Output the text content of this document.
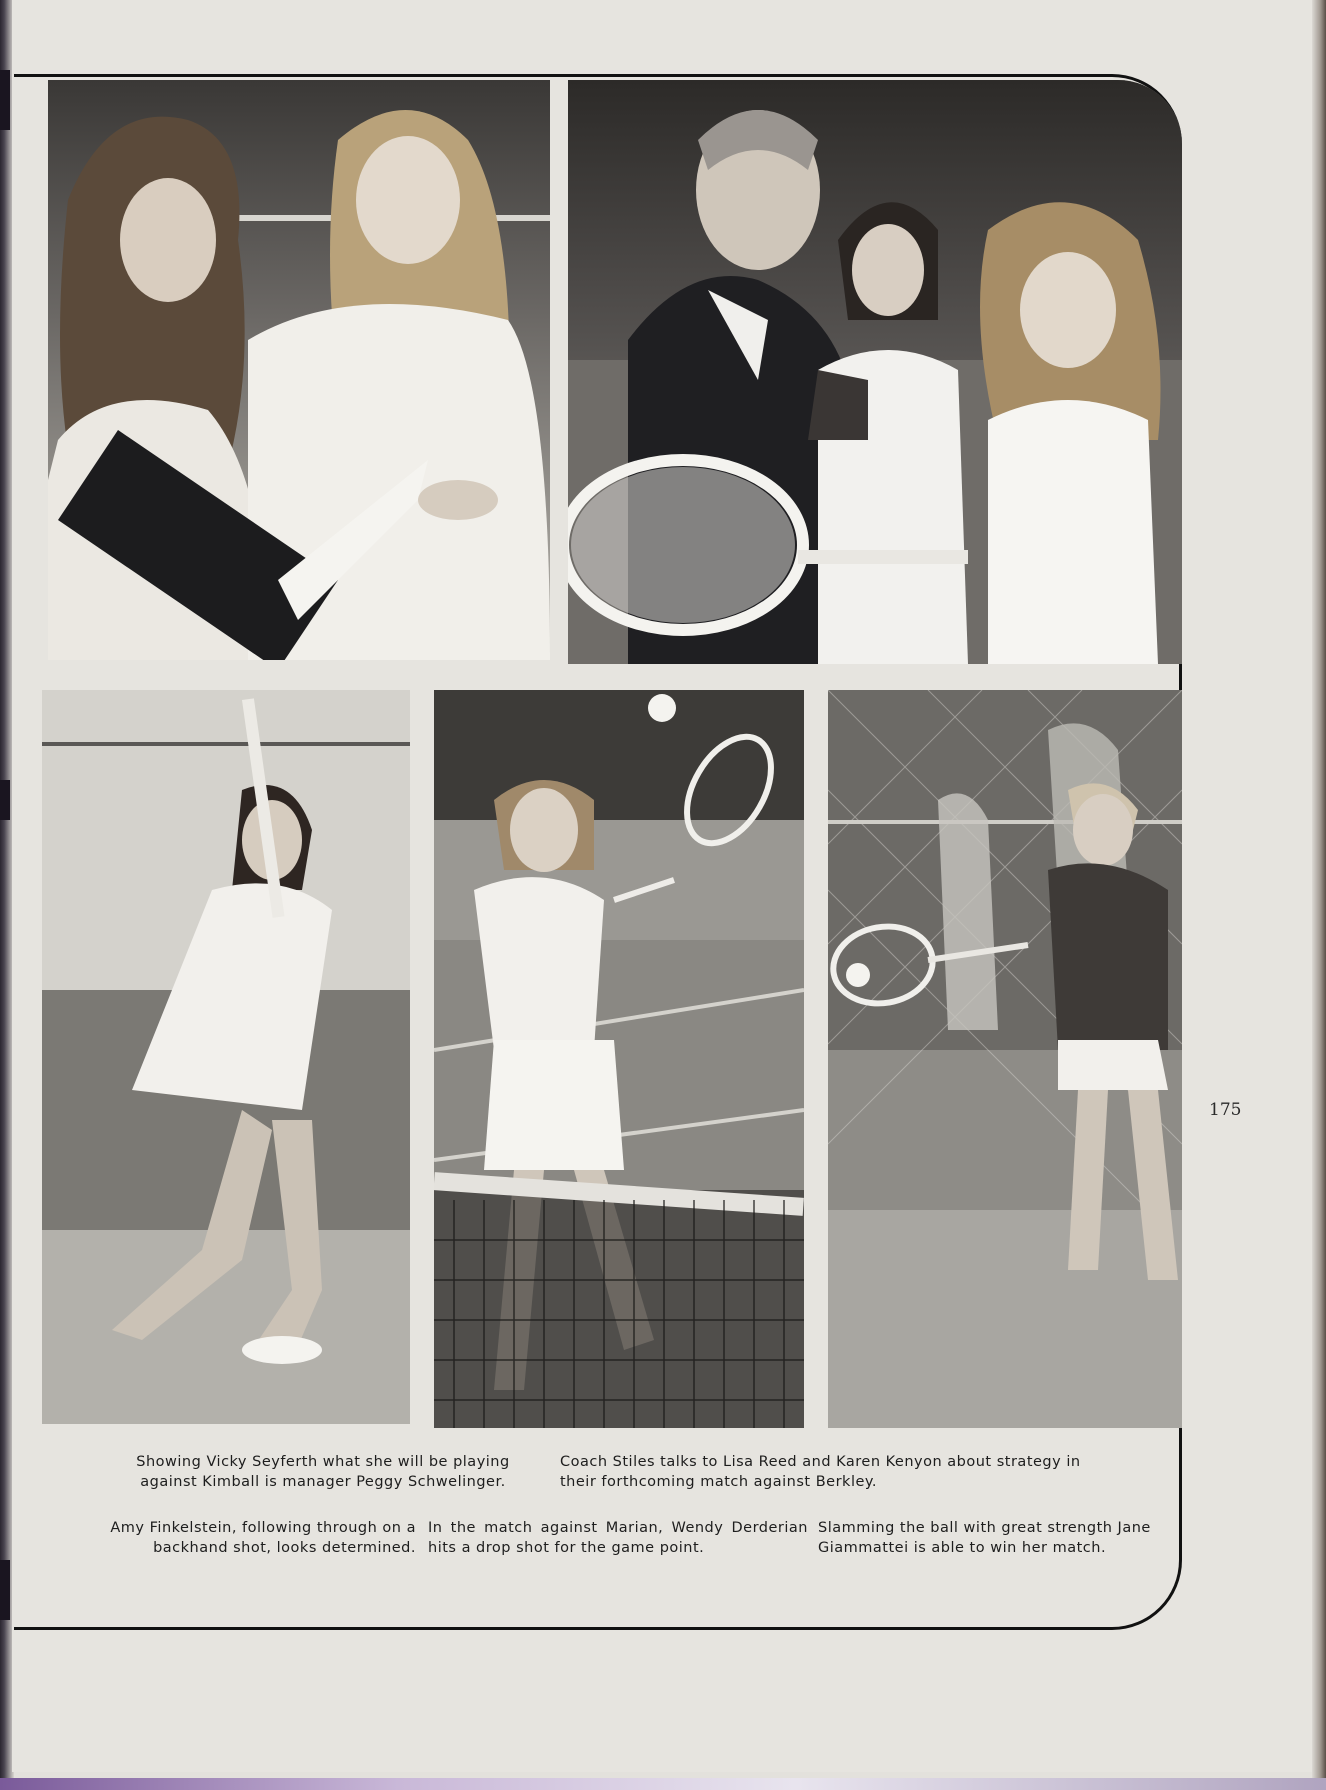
Showing Vicky Seyferth what she will be playing against Kimball is manager Peggy Schwelinger.
Coach Stiles talks to Lisa Reed and Karen Kenyon about strategy in their forthcoming match against Berkley.
Amy Finkelstein, following through on a backhand shot, looks determined.
In the match against Marian, Wendy Derderian hits a drop shot for the game point.
Slamming the ball with great strength Jane Giammattei is able to win her match.
175
